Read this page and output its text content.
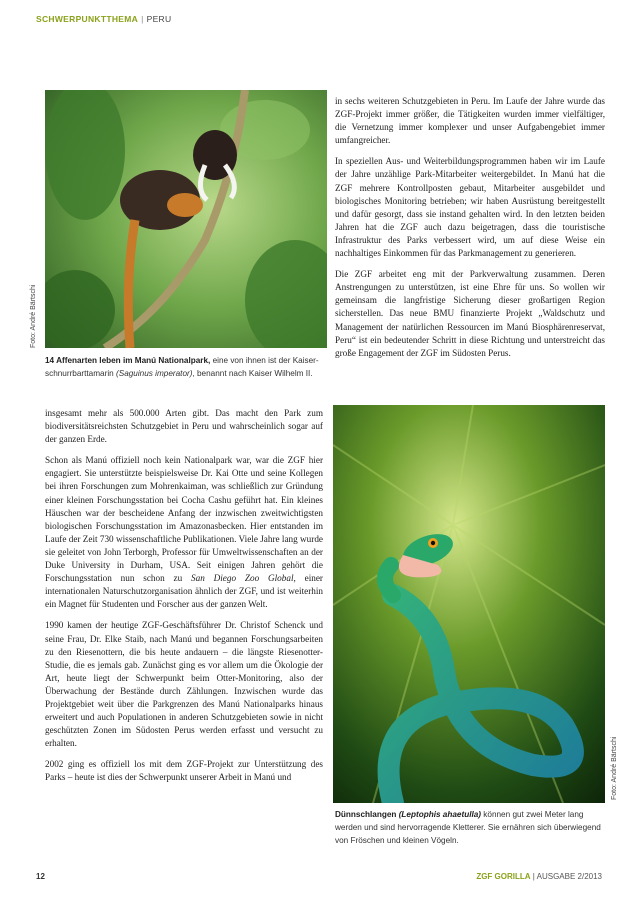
SCHWERPUNKTTHEMA | PERU
Foto: André Bärtschi
14 Affenarten leben im Manú Nationalpark, eine von ihnen ist der Kaiser-schnurrbarttamarin (Saguinus imperator), benannt nach Kaiser Wilhelm II.

in sechs weiteren Schutzgebieten in Peru. Im Laufe der Jahre wurde das ZGF-Projekt immer größer, die Tätigkeiten wurden immer vielfältiger, die Vernetzung immer komplexer und unser Aufgabengebiet immer umfangreicher.

In speziellen Aus- und Weiterbildungsprogrammen haben wir im Laufe der Jahre unzählige Park-Mitarbeiter weitergebildet. In Manú hat die ZGF mehrere Kontrollposten gebaut, Mitarbeiter ausgebildet und biologisches Monitoring betrieben; wir haben Ausrüstung bereitgestellt und dafür gesorgt, dass sie instand gehalten wird. In den letzten beiden Jahren hat die ZGF auch dazu beigetragen, dass die touristische Infrastruktur des Parks verbessert wird, um auf diese Weise ein nachhaltiges Einkommen für das Parkmanagement zu generieren.

Die ZGF arbeitet eng mit der Parkverwaltung zusammen. Deren Anstrengungen zu unterstützen, ist eine Ehre für uns. So wollen wir gemeinsam die langfristige Sicherung dieser großartigen Region sicherstellen. Das neue BMU finanzierte Projekt „Waldschutz und Management der natürlichen Ressourcen im Manú Biosphärenreservat, Peru“ ist ein bedeutender Schritt in diese Richtung und unterstreicht das große Engagement der ZGF im Südosten Perus.

insgesamt mehr als 500.000 Arten gibt. Das macht den Park zum biodiversitätsreichsten Schutzgebiet in Peru und wahrscheinlich sogar auf der ganzen Erde.

Schon als Manú offiziell noch kein Nationalpark war, war die ZGF hier engagiert. Sie unterstützte beispielsweise Dr. Kai Otte und seine Kollegen bei ihren Forschungen zum Mohrenkaiman, was schließlich zur Gründung einer kleinen Forschungsstation bei Cocha Cashu geführt hat. Ein kleines Häuschen war der bescheidene Anfang der inzwischen zweitwichtigsten biologischen Forschungsstation im Amazonasbecken. Hier entstanden im Laufe der Zeit 730 wissenschaftliche Publikationen. Viele Jahre lang wurde sie geleitet von John Terborgh, Professor für Umweltwissenschaften an der Duke University in Durham, USA. Seit einigen Jahren gehört die Forschungsstation nun schon zu San Diego Zoo Global, einer internationalen Naturschutzorganisation ähnlich der ZGF, und ist weiterhin ein Magnet für Studenten und Forscher aus der ganzen Welt.

1990 kamen der heutige ZGF-Geschäftsführer Dr. Christof Schenck und seine Frau, Dr. Elke Staib, nach Manú und begannen Forschungsarbeiten zu den Riesenottern, die bis heute andauern – die längste Riesenotter-Studie, die es jemals gab. Zunächst ging es vor allem um die Ökologie der Art, heute liegt der Schwerpunkt beim Otter-Monitoring, also der Überwachung der Bestände durch Zählungen. Inzwischen wurde das Projektgebiet weit über die Parkgrenzen des Manú Nationalparks hinaus erweitert und auch Populationen in anderen Schutzgebieten sowie in nicht geschützten Zonen im Südosten Perus werden erfasst und versucht zu erhalten.

2002 ging es offiziell los mit dem ZGF-Projekt zur Unterstützung des Parks – heute ist dies der Schwerpunkt unserer Arbeit in Manú und	Foto: André Bärtschi
Dünnschlangen (Leptophis ahaetulla) können gut zwei Meter lang werden und sind hervorragende Kletterer. Sie ernähren sich überwiegend von Fröschen und kleinen Vögeln.
12	ZGF GORILLA | AUSGABE 2/2013
